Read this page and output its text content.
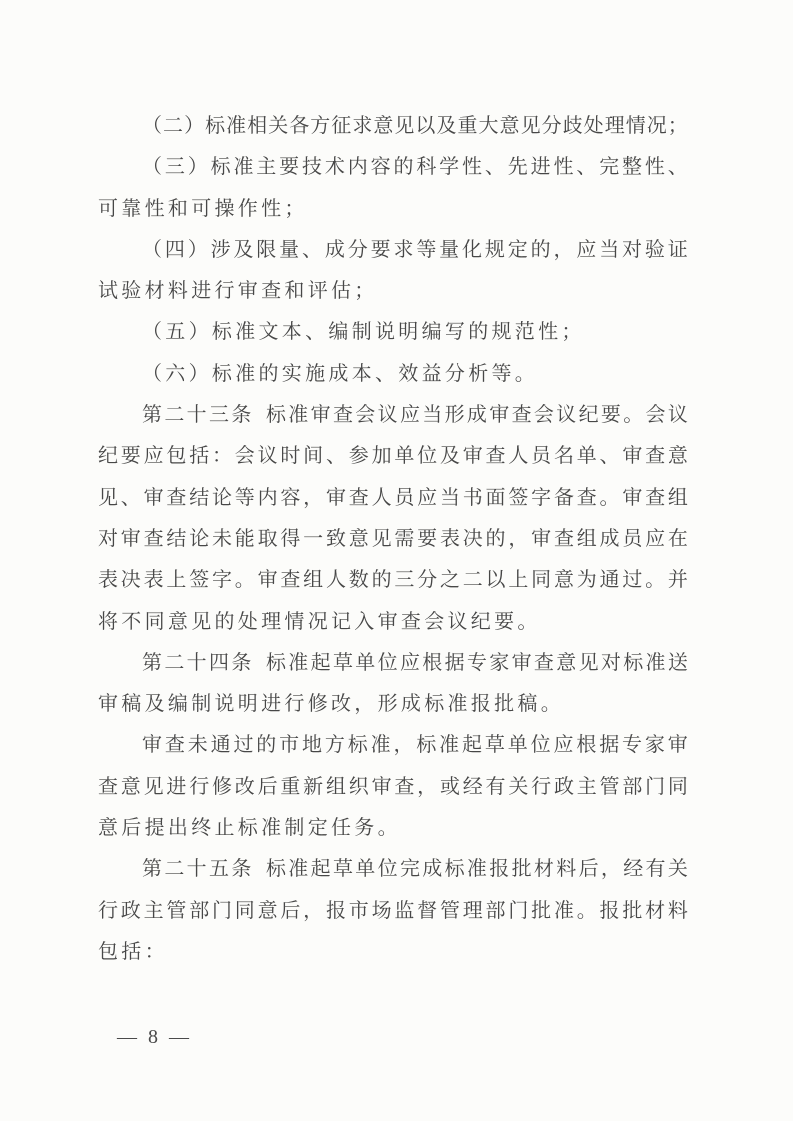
（ 二 ） 标 准 相 关 各 方 征 求 意 见 以 及 重 大 意 见 分 歧 处 理 情 况 ；
（ 三 ） 标 准 主 要 技 术 内 容 的 科 学 性 、 先 进 性 、 完 整 性 、
可靠性和可操作性；
（ 四 ） 涉 及 限 量 、 成 分 要 求 等 量 化 规 定 的 ， 应 当 对 验 证
试验材料进行审查和评估；
（五）标准文本、编制说明编写的规范性；
（六）标准的实施成本、效益分析等。
第 二 十 三 条 标 准 审 查 会 议 应 当 形 成 审 查 会 议 纪 要 。 会 议
纪 要 应 包 括 ： 会 议 时 间 、 参 加 单 位 及 审 查 人 员 名 单 、 审 查 意
见 、 审 查 结 论 等 内 容 ， 审 查 人 员 应 当 书 面 签 字 备 查 。 审 查 组
对 审 查 结 论 未 能 取 得 一 致 意 见 需 要 表 决 的 ， 审 查 组 成 员 应 在
表 决 表 上 签 字 。 审 查 组 人 数 的 三 分 之 二 以 上 同 意 为 通 过 。 并
将不同意见的处理情况记入审查会议纪要。
第 二 十 四 条 标 准 起 草 单 位 应 根 据 专 家 审 查 意 见 对 标 准 送
审稿及编制说明进行修改，形成标准报批稿。
审 查 未 通 过 的 市 地 方 标 准 ， 标 准 起 草 单 位 应 根 据 专 家 审
查 意 见 进 行 修 改 后 重 新 组 织 审 查 ， 或 经 有 关 行 政 主 管 部 门 同
意后提出终止标准制定任务。
第 二 十 五 条 标 准 起 草 单 位 完 成 标 准 报 批 材 料 后 ， 经 有 关
行 政 主 管 部 门 同 意 后 ， 报 市 场 监 督 管 理 部 门 批 准 。 报 批 材 料
包括：
— 8 —
